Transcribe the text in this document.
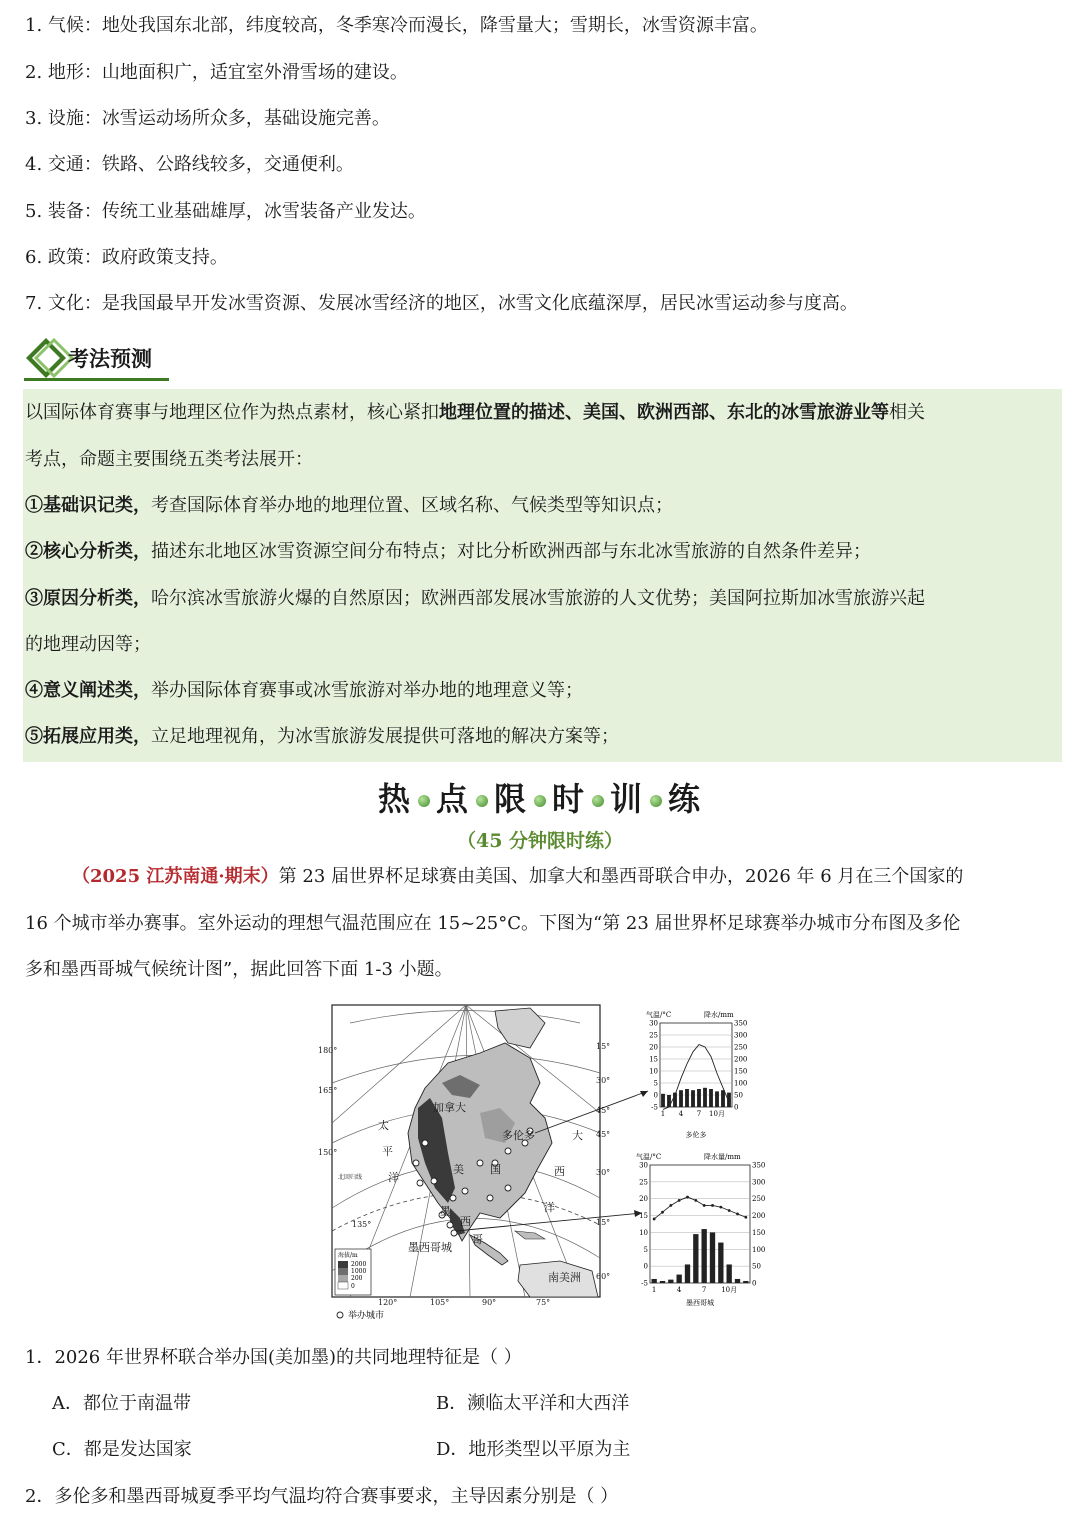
1. 气候：地处我国东北部，纬度较高，冬季寒冷而漫长，降雪量大；雪期长，冰雪资源丰富。
2. 地形：山地面积广，适宜室外滑雪场的建设。
3. 设施：冰雪运动场所众多，基础设施完善。
4. 交通：铁路、公路线较多，交通便利。
5. 装备：传统工业基础雄厚，冰雪装备产业发达。
6. 政策：政府政策支持。
7. 文化：是我国最早开发冰雪资源、发展冰雪经济的地区，冰雪文化底蕴深厚，居民冰雪运动参与度高。
考法预测
以国际体育赛事与地理区位作为热点素材，核心紧扣地理位置的描述、美国、欧洲西部、东北的冰雪旅游业等相关
考点，命题主要围绕五类考法展开：
①基础识记类，考查国际体育举办地的地理位置、区域名称、气候类型等知识点；
②核心分析类，描述东北地区冰雪资源空间分布特点；对比分析欧洲西部与东北冰雪旅游的自然条件差异；
③原因分析类，哈尔滨冰雪旅游火爆的自然原因；欧洲西部发展冰雪旅游的人文优势；美国阿拉斯加冰雪旅游兴起
的地理动因等；
④意义阐述类，举办国际体育赛事或冰雪旅游对举办地的地理意义等；
⑤拓展应用类，立足地理视角，为冰雪旅游发展提供可落地的解决方案等；
热 点 限 时 训 练
（45 分钟限时练）
（2025 江苏南通·期末）第 23 届世界杯足球赛由美国、加拿大和墨西哥联合申办，2026 年 6 月在三个国家的
16 个城市举办赛事。室外运动的理想气温范围应在 15~25°C。下图为“第 23 届世界杯足球赛举办城市分布图及多伦
多和墨西哥城气候统计图”，据此回答下面 1-3 小题。
加拿大
多伦多
美 国
墨
西
哥
墨西哥城
南美洲
太
平
洋
大
西
洋
15°
30°
45°
45°
30°
15°
60°
180°
165°
150°
135°
120°	105°	90°	75°
北回归线
海拔/m
2000
1000
200
0
举办城市
气温/°C	降水/mm
30
25
20
15
10
5
0
-5
350
300
250
200
150
100
50
0
1 4 7 10月
多伦多
气温/°C	降水量/mm
30
25
20
15
10
5
0
-5
350
300
250
200
150
100
50
0
1	4	7 10月
墨西哥城
1．2026 年世界杯联合举办国(美加墨)的共同地理特征是（ ）
A．都位于南温带	B．濒临太平洋和大西洋
C．都是发达国家	D．地形类型以平原为主
2．多伦多和墨西哥城夏季平均气温均符合赛事要求，主导因素分别是（ ）
